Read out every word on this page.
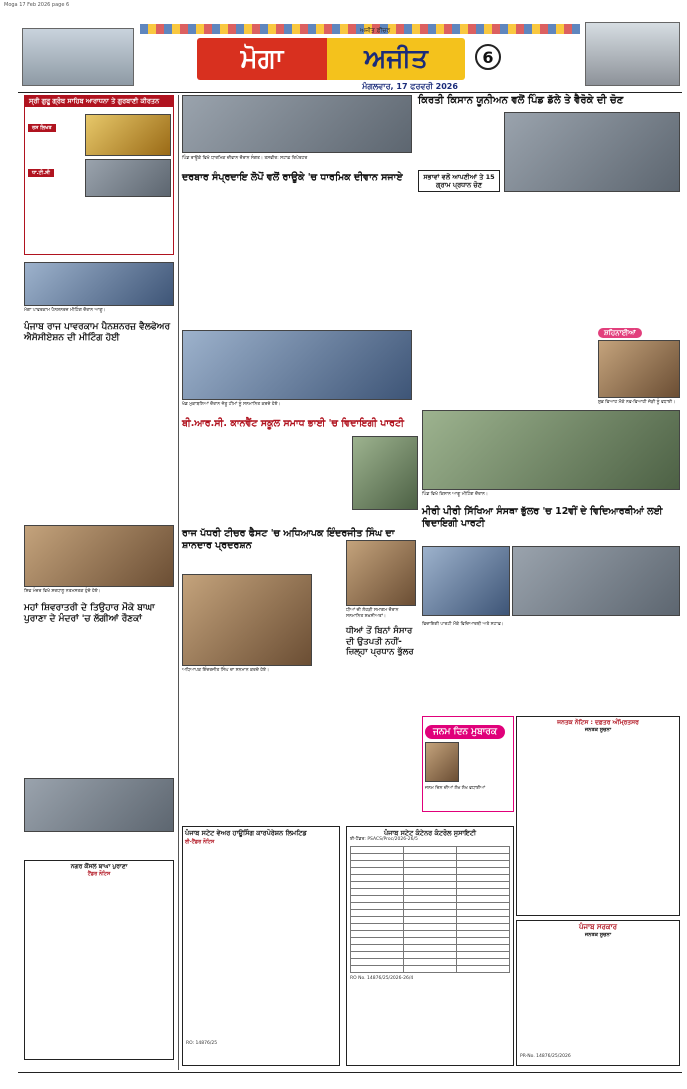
Moga 17 Feb 2026 page 6
ਅਜੀਤ ਫ਼ੀਚਰ
ਮੋਗਾ	ਅਜੀਤ	6
ਮੰਗਲਵਾਰ, 17 ਫਰਵਰੀ 2026
ਸ੍ਰੀ ਗੁਰੂ ਗ੍ਰੰਥ ਸਾਹਿਬ ਆਰਾਧਨਾ ਤੇ ਗੁਰਬਾਣੀ ਕੀਰਤਨ
ਰਸ ਲਿਖਤ
ਧਾ.ਟੀ.ਸੀ
ਮੋਗਾ ਪਾਵਰਕਾਮ ਪੈਨਸ਼ਨਰਜ਼ ਮੀਟਿੰਗ ਦੌਰਾਨ ਆਗੂ।
ਪੰਜਾਬ ਰਾਜ ਪਾਵਰਕਾਮ ਪੈਨਸ਼ਨਰਜ਼ ਵੈਲਫੇਅਰ ਐਸੋਸੀਏਸ਼ਨ ਦੀ ਮੀਟਿੰਗ ਹੋਈ
ਸ਼ਿਵ ਮੰਦਰ ਵਿਖੇ ਸ਼ਰਧਾਲੂ ਨਤਮਸਤਕ ਹੁੰਦੇ ਹੋਏ।
ਮਹਾਂ ਸ਼ਿਵਰਾਤਰੀ ਦੇ ਤਿਉਹਾਰ ਮੌਕੇ ਬਾਘਾ ਪੁਰਾਣਾ ਦੇ ਮੰਦਰਾਂ 'ਚ ਲੱਗੀਆਂ ਰੌਣਕਾਂ
ਨਗਰ ਕੌਂਸਲ ਬਾਘਾ ਪੁਰਾਣਾ
ਟੈਂਡਰ ਨੋਟਿਸ
ਪਿੰਡ ਰਾਊਕੇ ਵਿਖੇ ਧਾਰਮਿਕ ਦੀਵਾਨ ਦੌਰਾਨ ਸੰਗਤ। ਤਸਵੀਰ: ਸਟਾਫ਼ ਰਿਪੋਰਟਰ
ਦਰਬਾਰ ਸੰਪ੍ਰਦਾਇ ਲੋਪੋਂ ਵਲੋਂ ਰਾਊਕੇ 'ਚ ਧਾਰਮਿਕ ਦੀਵਾਨ ਸਜਾਏ
ਖੇਡ ਮੁਕਾਬਲਿਆਂ ਦੌਰਾਨ ਜੇਤੂ ਟੀਮਾਂ ਨੂੰ ਸਨਮਾਨਿਤ ਕਰਦੇ ਹੋਏ।
ਬੀ.ਆਰ.ਸੀ. ਕਾਨਵੈਂਟ ਸਕੂਲ ਸਮਾਧ ਭਾਈ 'ਚ ਵਿਦਾਇਗੀ ਪਾਰਟੀ
ਰਾਜ ਪੱਧਰੀ ਟੀਚਰ ਫੈਸਟ 'ਚ ਅਧਿਆਪਕ ਇੰਦਰਜੀਤ ਸਿੰਘ ਦਾ ਸ਼ਾਨਦਾਰ ਪ੍ਰਦਰਸ਼ਨ
ਅਧਿਆਪਕ ਇੰਦਰਜੀਤ ਸਿੰਘ ਦਾ ਸਨਮਾਨ ਕਰਦੇ ਹੋਏ।
ਪੰਜਾਬ ਸਟੇਟ ਵੇਅਰ ਹਾਊਸਿੰਗ ਕਾਰਪੋਰੇਸ਼ਨ ਲਿਮਟਿਡ
ਈ-ਟੈਂਡਰ ਨੋਟਿਸ
RO: 14876/25
ਕਿਰਤੀ ਕਿਸਾਨ ਯੂਨੀਅਨ ਵਲੋਂ ਪਿੰਡ ਡੱਲੇ ਤੇ ਵੈਰੋਕੇ ਦੀ ਚੋਣ
ਸਭਾਵਾਂ ਵਲੋਂ ਆਪਣੀਆਂ ਤੇ 15 ਗ੍ਰਾਮ ਪ੍ਰਧਾਨ ਚੋਣ
ਸ਼ਹਿਨਾਈਆਂ
ਸ਼ੁਭ ਵਿਆਹ ਮੌਕੇ ਨਵ-ਵਿਆਹੀ ਜੋੜੀ ਨੂੰ ਵਧਾਈ।
ਪਿੰਡ ਵਿਖੇ ਕਿਸਾਨ ਆਗੂ ਮੀਟਿੰਗ ਦੌਰਾਨ।
ਮੀਰੀ ਪੀਰੀ ਸਿੱਖਿਆ ਸੰਸਥਾ ਭੁੱਲਰ 'ਚ 12ਵੀਂ ਦੇ ਵਿਦਿਆਰਥੀਆਂ ਲਈ ਵਿਦਾਇਗੀ ਪਾਰਟੀ
ਵਿਦਾਇਗੀ ਪਾਰਟੀ ਮੌਕੇ ਵਿਦਿਆਰਥੀ ਅਤੇ ਸਟਾਫ਼।
ਧੀਆਂ ਦੀ ਲੋਹੜੀ ਸਮਾਗਮ ਦੌਰਾਨ ਸਨਮਾਨਿਤ ਸ਼ਖ਼ਸੀਅਤਾਂ।
ਧੀਆਂ ਤੋਂ ਬਿਨਾਂ ਸੰਸਾਰ ਦੀ ਉਤਪਤੀ ਨਹੀਂ-ਜ਼ਿਲ੍ਹਾ ਪ੍ਰਧਾਨ ਭੁੱਲਰ
ਜਨਮ ਦਿਨ ਮੁਬਾਰਕ
ਜਨਮ ਦਿਨ ਦੀਆਂ ਲੱਖ ਲੱਖ ਵਧਾਈਆਂ
ਜਨਤਕ ਨੋਟਿਸ : ਦਫ਼ਤਰ ਅੰਮ੍ਰਿਤਸਰ
ਜਨਤਕ ਸੂਚਨਾ
ਪੰਜਾਬ ਸਟੇਟ ਕੰਟੇਨਰ ਕੰਟਰੋਲ ਸੁਸਾਇਟੀ
ਈ-ਟੈਂਡਰ: PSACS/Proc/2026-26/5

RO No. 14876/25/2026-26/4
ਪੰਜਾਬ ਸਰਕਾਰ
ਜਨਤਕ ਸੂਚਨਾ
PR-No. 14876/25/2026
